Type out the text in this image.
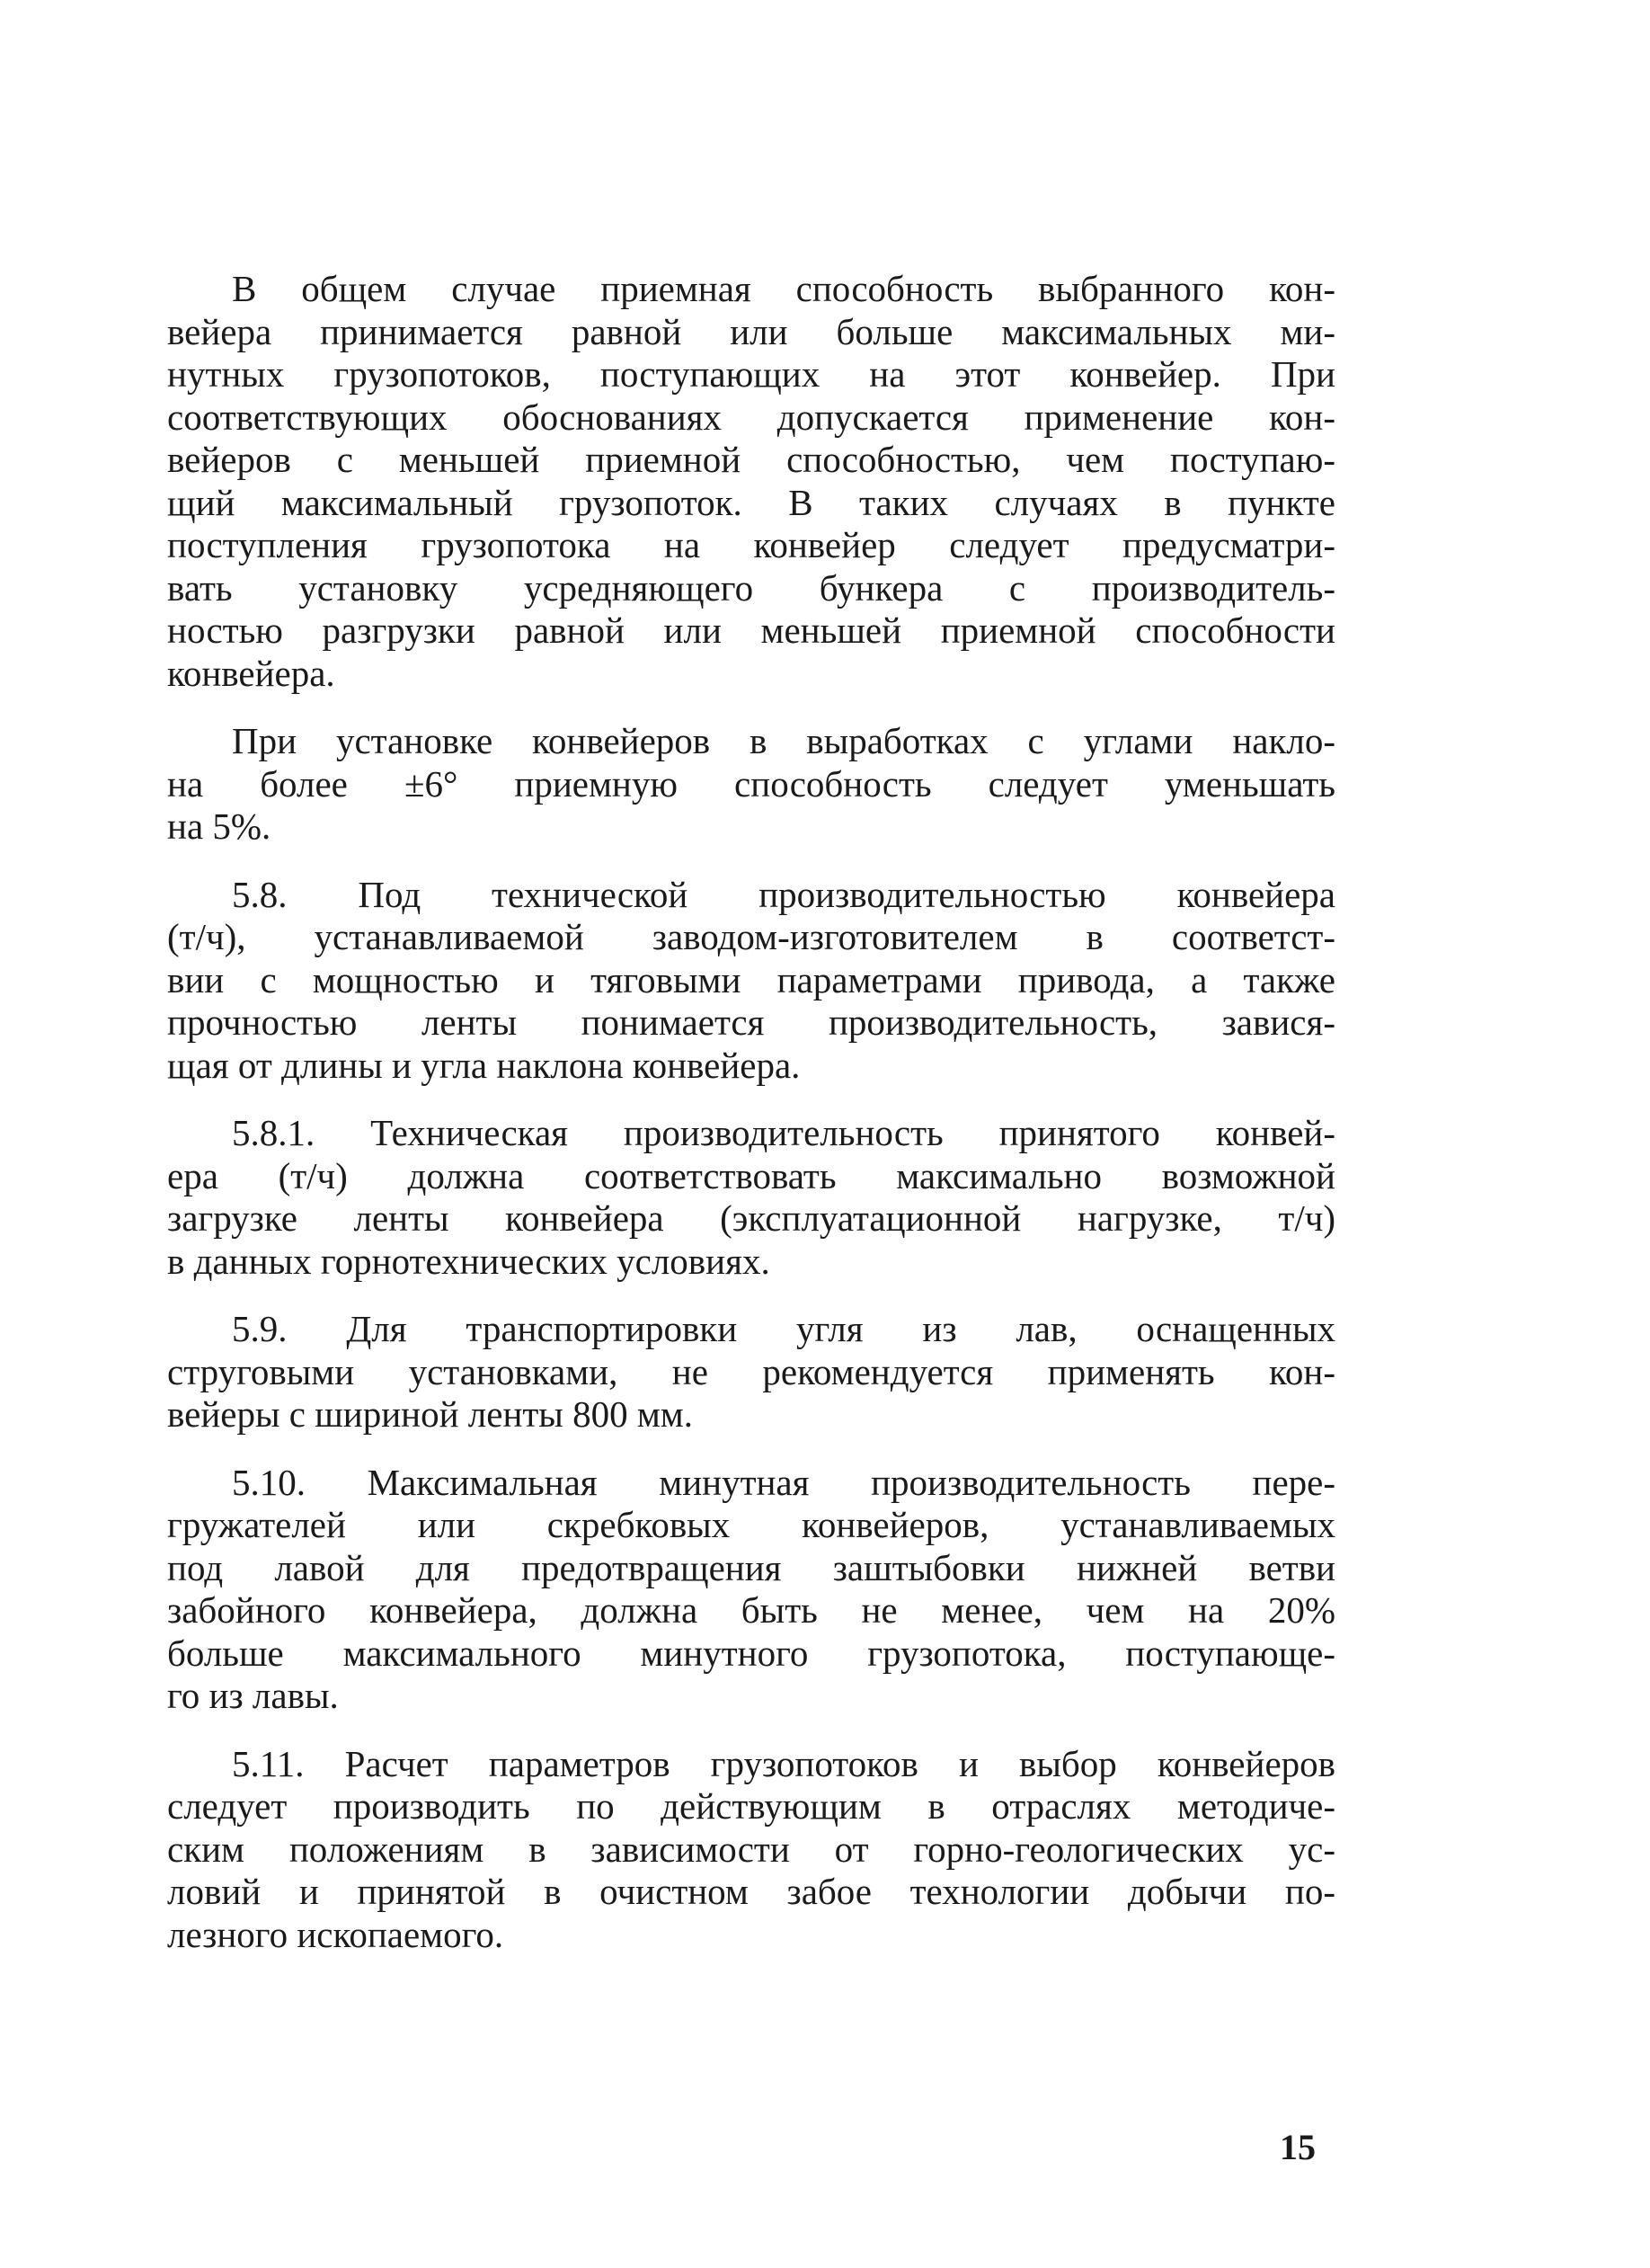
В общем случае приемная способность выбранного кон-
вейера принимается равной или больше максимальных ми-
нутных грузопотоков, поступающих на этот конвейер. При
соответствующих обоснованиях допускается применение кон-
вейеров с меньшей приемной способностью, чем поступаю-
щий максимальный грузопоток. В таких случаях в пункте
поступления грузопотока на конвейер следует предусматри-
вать установку усредняющего бункера с производитель-
ностью разгрузки равной или меньшей приемной способности
конвейера.
При установке конвейеров в выработках с углами накло-
на более ±6° приемную способность следует уменьшать
на 5%.
5.8. Под технической производительностью конвейера
(т/ч), устанавливаемой заводом-изготовителем в соответст-
вии с мощностью и тяговыми параметрами привода, а также
прочностью ленты понимается производительность, завися-
щая от длины и угла наклона конвейера.
5.8.1. Техническая производительность принятого конвей-
ера (т/ч) должна соответствовать максимально возможной
загрузке ленты конвейера (эксплуатационной нагрузке, т/ч)
в данных горнотехнических условиях.
5.9. Для транспортировки угля из лав, оснащенных
струговыми установками, не рекомендуется применять кон-
вейеры с шириной ленты 800 мм.
5.10. Максимальная минутная производительность пере-
гружателей или скребковых конвейеров, устанавливаемых
под лавой для предотвращения заштыбовки нижней ветви
забойного конвейера, должна быть не менее, чем на 20%
больше максимального минутного грузопотока, поступающе-
го из лавы.
5.11. Расчет параметров грузопотоков и выбор конвейеров
следует производить по действующим в отраслях методиче-
ским положениям в зависимости от горно-геологических ус-
ловий и принятой в очистном забое технологии добычи по-
лезного ископаемого.
15
